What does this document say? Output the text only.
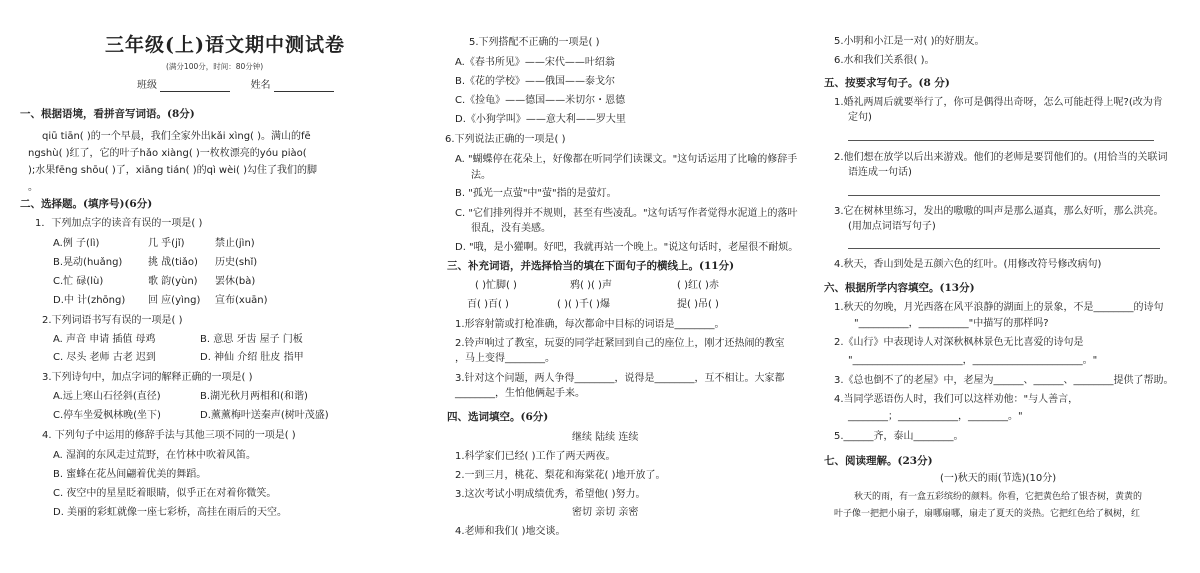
三年级(上)语文期中测试卷
(满分100分，时间：80分钟)
班级	姓名
一、根据语境，看拼音写词语。(8分)
qiū tiān( )的一个早晨，我们全家外出kǎi xìng( )。满山的fē
ngshù( )红了，它的叶子hǎo xiàng( )一枚枚漂亮的yóu piào(
);水果fēng shōu( )了，xiāng tián( )的qì wèi( )勾住了我们的脚
。
二、选择题。(填序号)(6分)
1．下列加点字的读音有误的一项是( )
A.例 子(lì)	几 乎(jǐ)	禁止(jìn)
B.晃动(huǎng)	挑 战(tiǎo) 历史(shǐ)
C.忙 碌(lù)	歌 韵(yùn) 罢休(bà)
D.中 计(zhōng) 回 应(yìng) 宣布(xuān)
2.下列词语书写有误的一项是( )
A. 声音 申请 插值 母鸡	B. 意思 牙齿 屋子 门板
C. 尽头 老师 古老 迟到	D. 神仙 介绍 肚皮 指甲
3.下列诗句中，加点字词的解释正确的一项是( )
A.远上寒山石径斜(直径)	B.湖光秋月两相和(和谐)
C.停车坐爱枫林晚(坐下)	D.薰薰梅叶送秦声(树叶茂盛)
4. 下列句子中运用的修辞手法与其他三项不同的一项是( )
A. 湿润的东风走过荒野，在竹林中吹着风笛。
B. 蜜蜂在花丛间翩着优美的舞蹈。
C. 夜空中的星星眨着眼睛，似乎正在对着你微笑。
D. 美丽的彩虹就像一座七彩桥，高挂在雨后的天空。
5.下列搭配不正确的一项是( )
A.《春书所见》——宋代——叶绍翁
B.《花的学校》——俄国——泰戈尔
C.《捡龟》——德国——米切尔・恩德
D.《小狗学叫》——意大利——罗大里
6.下列说法正确的一项是( )
A. "蝴蝶停在花朵上，好像都在听同学们读课文。"这句话运用了比喻的修辞手
法。
B. "孤光一点萤"中"萤"指的是萤灯。
C. "它们排列得并不规则，甚至有些凌乱。"这句话写作者觉得水泥道上的落叶
很乱，没有美感。
D. "哦，是小獾啊。好吧，我就再站一个晚上。"说这句话时，老屋很不耐烦。
三、补充词语，并选择恰当的填在下面句子的横线上。(11分)
( )忙脚( )	鸦( )( )声	( )红( )赤
百( )百( )	( )( )千( )爆	提( )吊( )
1.形容射箭或打枪准确，每次都命中目标的词语是________。
2.铃声响过了教室，玩耍的同学赶紧回到自己的座位上，刚才还热闹的教室
，马上变得________。
3.针对这个问题，两人争得________，说得是________，互不相让。大家都
________，生怕他俩起手来。
四、选词填空。(6分)
继续 陆续 连续
1.科学家们已经( )工作了两天两夜。
2.一到三月，桃花、梨花和海棠花( )地开放了。
3.这次考试小明成绩优秀，希望他( )努力。
密切 亲切 亲密
4.老师和我们( )地交谈。
5.小明和小江是一对( )的好朋友。
6.水和我们关系很( )。
五、按要求写句子。(8 分)
1.婚礼两周后就要举行了，你可是偶得出奇呀，怎么可能赶得上呢?(改为肯
定句)
2.他们想在放学以后出来游戏。他们的老师是要罚他们的。(用恰当的关联词
语连成一句话)
3.它在树林里练习，发出的嗷嗷的叫声是那么逼真，那么好听，那么洪亮。
(用加点词语写句子)
4.秋天，香山到处是五颜六色的红叶。(用修改符号修改病句)
六、根据所学内容填空。(13分)
1.秋天的勿晚，月光西落在风平浪静的湖面上的景象，不是________的诗句
"__________，__________"中描写的那样吗?
2.《山行》中表现诗人对深秋枫林景色无比喜爱的诗句是
"______________________，______________________。"
3.《总也倒不了的老屋》中，老屋为______、______、________提供了帮助。
4.当同学恶语伤人时，我们可以这样劝他："与人善言，
________；____________，________。"
5.______齐，泰山________。
七、阅读理解。(23分)
(一)秋天的雨(节选)(10分)
秋天的雨，有一盒五彩缤纷的颜料。你看，它把黄色给了银杏树，黄黄的
叶子像一把把小扇子，扇哪扇哪，扇走了夏天的炎热。它把红色给了枫树，红
